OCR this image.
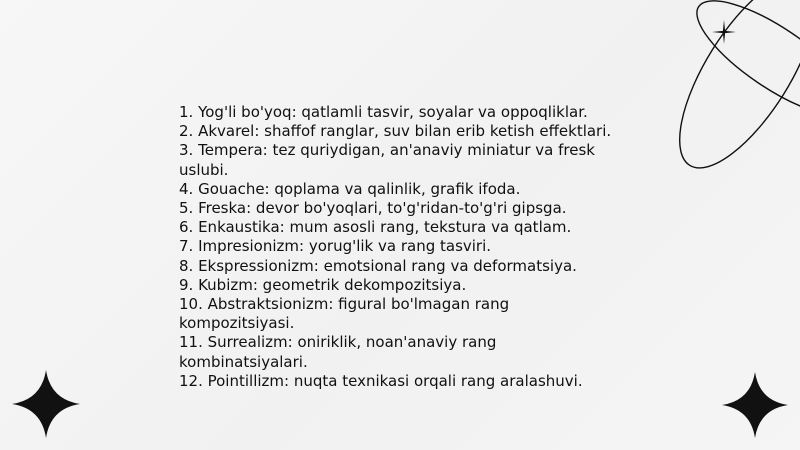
1. Yog'li bo'yoq: qatlamli tasvir, soyalar va oppoqliklar.
2. Akvarel: shaffof ranglar, suv bilan erib ketish effektlari.
3. Tempera: tez quriydigan, an'anaviy miniatur va fresk uslubi.
4. Gouache: qoplama va qalinlik, grafik ifoda.
5. Freska: devor bo'yoqlari, to'g'ridan-to'g'ri gipsga.
6. Enkaustika: mum asosli rang, tekstura va qatlam.
7. Impresionizm: yorug'lik va rang tasviri.
8. Ekspressionizm: emotsional rang va deformatsiya.
9. Kubizm: geometrik dekompozitsiya.
10. Abstraktsionizm: figural bo'lmagan rang kompozitsiyasi.
11. Surrealizm: oniriklik, noan'anaviy rang kombinatsiyalari.
12. Pointillizm: nuqta texnikasi orqali rang aralashuvi.
